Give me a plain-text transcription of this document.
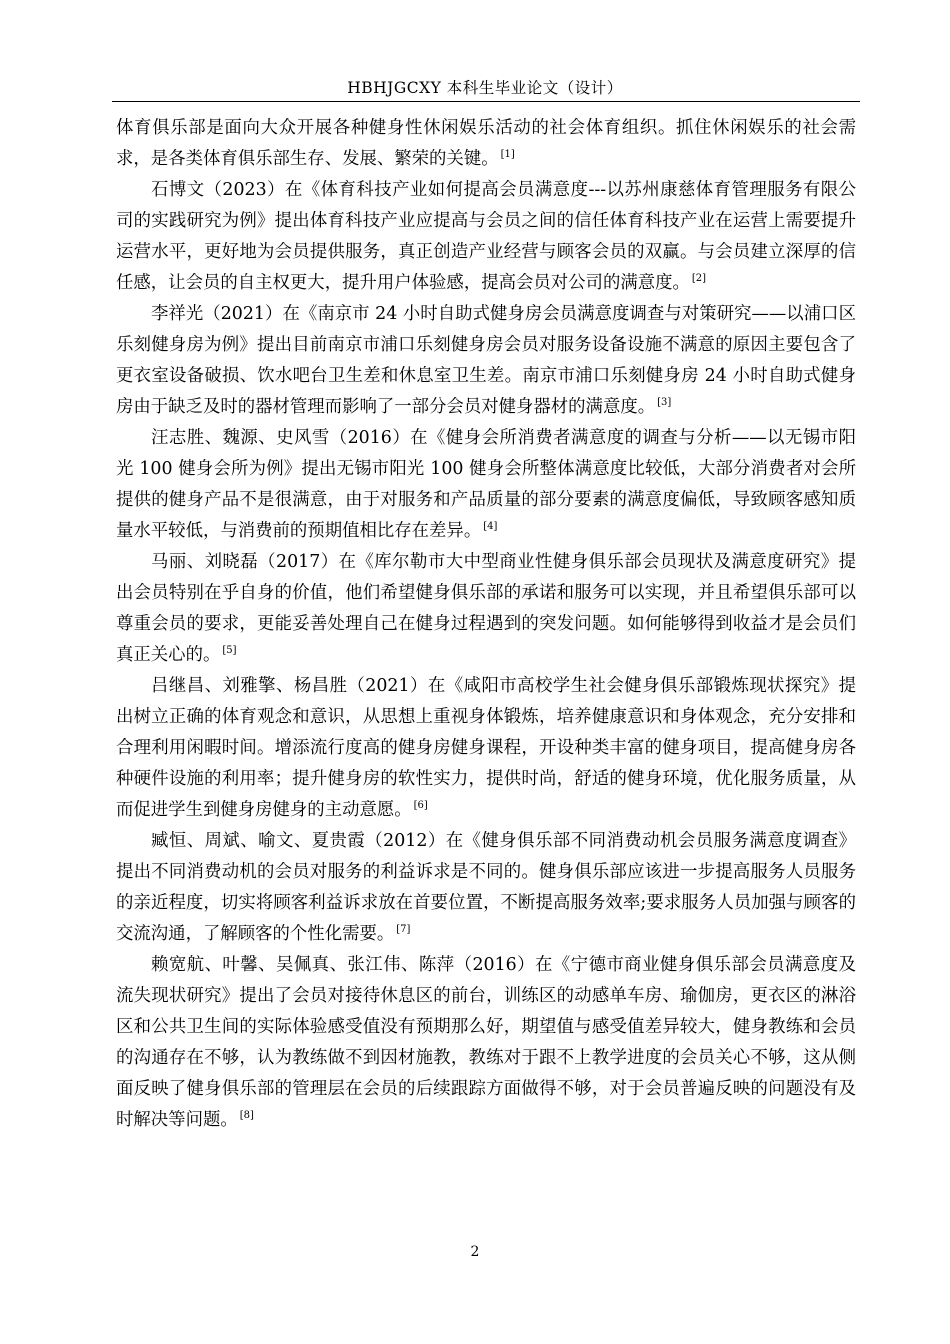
HBHJGCXY 本科生毕业论文（设计）

体育俱乐部是面向大众开展各种健身性休闲娱乐活动的社会体育组织。抓住休闲娱乐的社会需求，是各类体育俱乐部生存、发展、繁荣的关键。 [1]

石博文（2023）在《体育科技产业如何提高会员满意度---以苏州康慈体育管理服务有限公司的实践研究为例》提出体育科技产业应提高与会员之间的信任体育科技产业在运营上需要提升运营水平，更好地为会员提供服务，真正创造产业经营与顾客会员的双赢。与会员建立深厚的信任感，让会员的自主权更大，提升用户体验感，提高会员对公司的满意度。 [2]

李祥光（2021）在《南京市 24 小时自助式健身房会员满意度调查与对策研究——以浦口区乐刻健身房为例》提出目前南京市浦口乐刻健身房会员对服务设备设施不满意的原因主要包含了更衣室设备破损、饮水吧台卫生差和休息室卫生差。南京市浦口乐刻健身房 24 小时自助式健身房由于缺乏及时的器材管理而影响了一部分会员对健身器材的满意度。 [3]

汪志胜、魏源、史风雪（2016）在《健身会所消费者满意度的调查与分析——以无锡市阳光 100 健身会所为例》提出无锡市阳光 100 健身会所整体满意度比较低，大部分消费者对会所提供的健身产品不是很满意，由于对服务和产品质量的部分要素的满意度偏低，导致顾客感知质量水平较低，与消费前的预期值相比存在差异。 [4]

马丽、刘晓磊（2017）在《库尔勒市大中型商业性健身俱乐部会员现状及满意度研究》提出会员特别在乎自身的价值，他们希望健身俱乐部的承诺和服务可以实现，并且希望俱乐部可以尊重会员的要求，更能妥善处理自己在健身过程遇到的突发问题。如何能够得到收益才是会员们真正关心的。 [5]

吕继昌、刘雅擎、杨昌胜（2021）在《咸阳市高校学生社会健身俱乐部锻炼现状探究》提出树立正确的体育观念和意识，从思想上重视身体锻炼，培养健康意识和身体观念，充分安排和合理利用闲暇时间。增添流行度高的健身房健身课程，开设种类丰富的健身项目，提高健身房各种硬件设施的利用率；提升健身房的软性实力，提供时尚，舒适的健身环境，优化服务质量，从而促进学生到健身房健身的主动意愿。 [6]

臧恒、周斌、喻文、夏贵霞（2012）在《健身俱乐部不同消费动机会员服务满意度调查》提出不同消费动机的会员对服务的利益诉求是不同的。健身俱乐部应该进一步提高服务人员服务的亲近程度，切实将顾客利益诉求放在首要位置，不断提高服务效率;要求服务人员加强与顾客的交流沟通，了解顾客的个性化需要。 [7]

赖宽航、叶馨、吴佩真、张江伟、陈萍（2016）在《宁德市商业健身俱乐部会员满意度及流失现状研究》提出了会员对接待休息区的前台，训练区的动感单车房、瑜伽房，更衣区的淋浴区和公共卫生间的实际体验感受值没有预期那么好，期望值与感受值差异较大，健身教练和会员的沟通存在不够，认为教练做不到因材施教，教练对于跟不上教学进度的会员关心不够，这从侧面反映了健身俱乐部的管理层在会员的后续跟踪方面做得不够，对于会员普遍反映的问题没有及时解决等问题。 [8]

2
